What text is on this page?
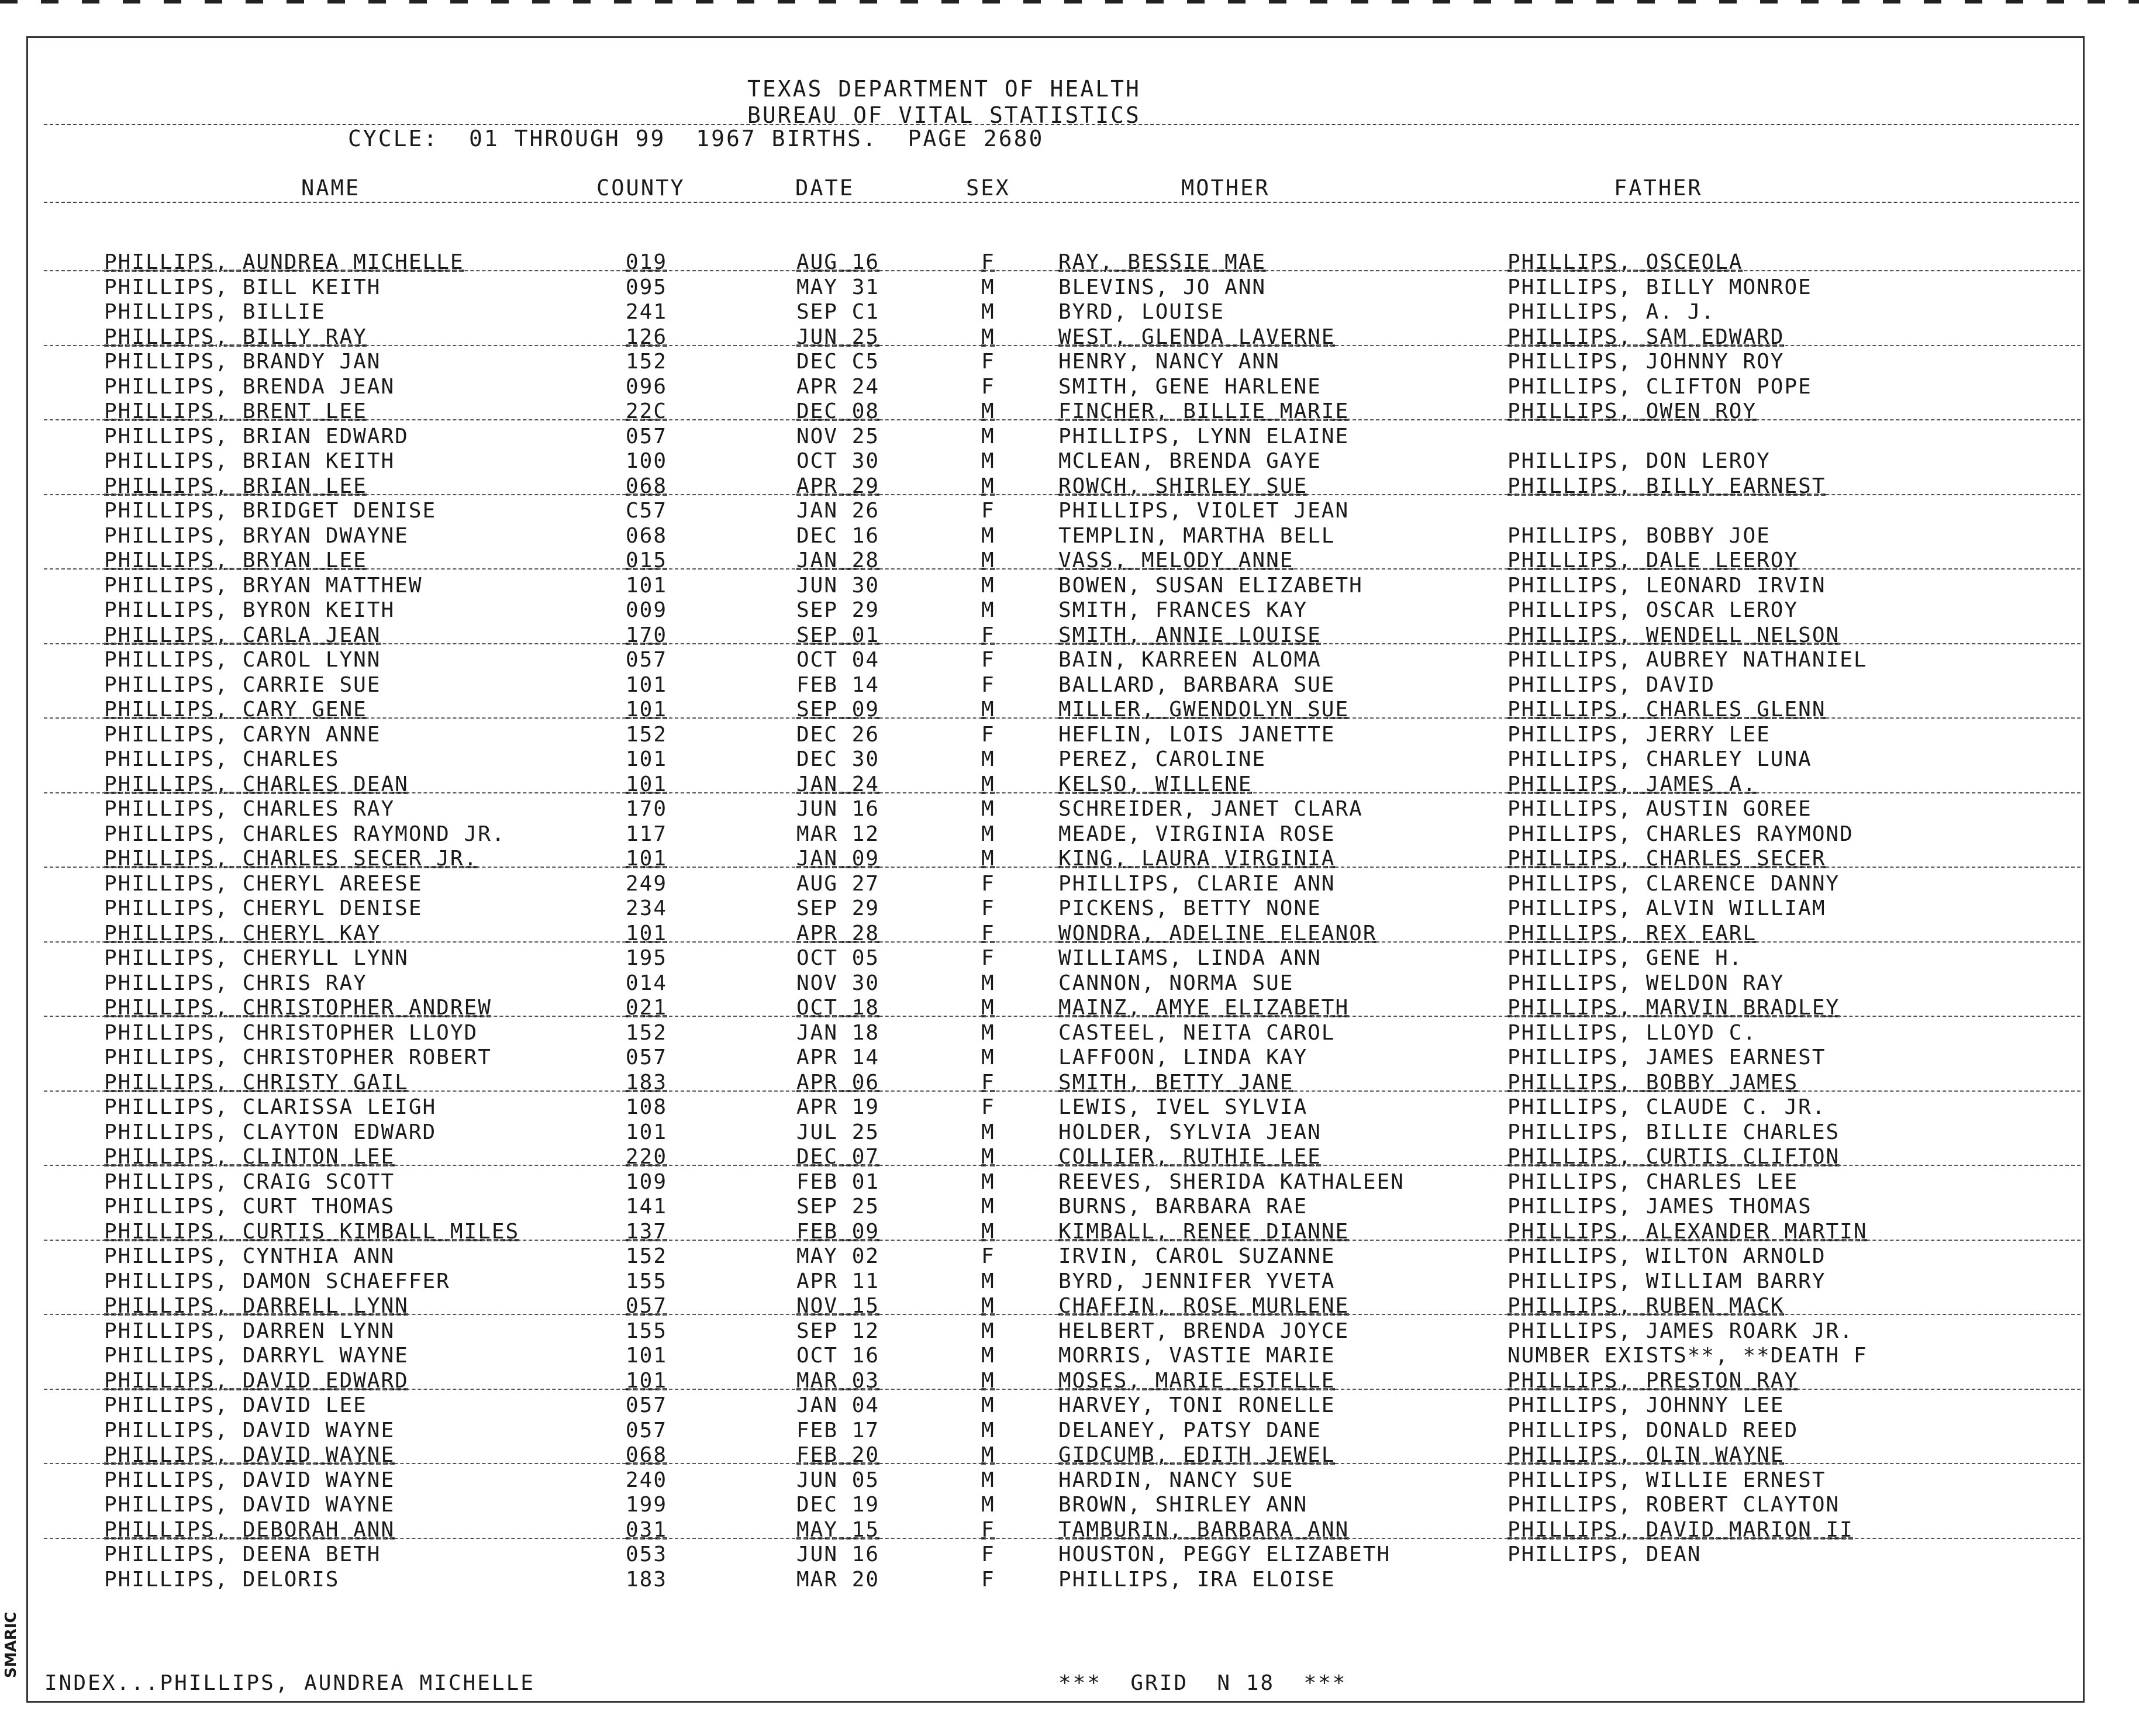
TEXAS DEPARTMENT OF HEALTH
BUREAU OF VITAL STATISTICS
CYCLE:  01 THROUGH 99  1967 BIRTHS.  PAGE 2680
NAME	COUNTY	DATE	SEX	MOTHER	FATHER
PHILLIPS, AUNDREA MICHELLE	019	AUG 16	F	RAY, BESSIE MAE	PHILLIPS, OSCEOLA
PHILLIPS, BILL KEITH	095	MAY 31	M	BLEVINS, JO ANN	PHILLIPS, BILLY MONROE
PHILLIPS, BILLIE	241	SEP C1	M	BYRD, LOUISE	PHILLIPS, A. J.
PHILLIPS, BILLY RAY	126	JUN 25	M	WEST, GLENDA LAVERNE	PHILLIPS, SAM EDWARD
PHILLIPS, BRANDY JAN	152	DEC C5	F	HENRY, NANCY ANN	PHILLIPS, JOHNNY ROY
PHILLIPS, BRENDA JEAN	096	APR 24	F	SMITH, GENE HARLENE	PHILLIPS, CLIFTON POPE
PHILLIPS, BRENT LEE	22C	DEC 08	M	FINCHER, BILLIE MARIE	PHILLIPS, OWEN ROY
PHILLIPS, BRIAN EDWARD	057	NOV 25	M	PHILLIPS, LYNN ELAINE
PHILLIPS, BRIAN KEITH	100	OCT 30	M	MCLEAN, BRENDA GAYE	PHILLIPS, DON LEROY
PHILLIPS, BRIAN LEE	068	APR 29	M	ROWCH, SHIRLEY SUE	PHILLIPS, BILLY EARNEST
PHILLIPS, BRIDGET DENISE	C57	JAN 26	F	PHILLIPS, VIOLET JEAN
PHILLIPS, BRYAN DWAYNE	068	DEC 16	M	TEMPLIN, MARTHA BELL	PHILLIPS, BOBBY JOE
PHILLIPS, BRYAN LEE	015	JAN 28	M	VASS, MELODY ANNE	PHILLIPS, DALE LEEROY
PHILLIPS, BRYAN MATTHEW	101	JUN 30	M	BOWEN, SUSAN ELIZABETH	PHILLIPS, LEONARD IRVIN
PHILLIPS, BYRON KEITH	009	SEP 29	M	SMITH, FRANCES KAY	PHILLIPS, OSCAR LEROY
PHILLIPS, CARLA JEAN	170	SEP 01	F	SMITH, ANNIE LOUISE	PHILLIPS, WENDELL NELSON
PHILLIPS, CAROL LYNN	057	OCT 04	F	BAIN, KARREEN ALOMA	PHILLIPS, AUBREY NATHANIEL
PHILLIPS, CARRIE SUE	101	FEB 14	F	BALLARD, BARBARA SUE	PHILLIPS, DAVID
PHILLIPS, CARY GENE	101	SEP 09	M	MILLER, GWENDOLYN SUE	PHILLIPS, CHARLES GLENN
PHILLIPS, CARYN ANNE	152	DEC 26	F	HEFLIN, LOIS JANETTE	PHILLIPS, JERRY LEE
PHILLIPS, CHARLES	101	DEC 30	M	PEREZ, CAROLINE	PHILLIPS, CHARLEY LUNA
PHILLIPS, CHARLES DEAN	101	JAN 24	M	KELSO, WILLENE	PHILLIPS, JAMES A.
PHILLIPS, CHARLES RAY	170	JUN 16	M	SCHREIDER, JANET CLARA	PHILLIPS, AUSTIN GOREE
PHILLIPS, CHARLES RAYMOND JR.	117	MAR 12	M	MEADE, VIRGINIA ROSE	PHILLIPS, CHARLES RAYMOND
PHILLIPS, CHARLES SECER JR.	101	JAN 09	M	KING, LAURA VIRGINIA	PHILLIPS, CHARLES SECER
PHILLIPS, CHERYL AREESE	249	AUG 27	F	PHILLIPS, CLARIE ANN	PHILLIPS, CLARENCE DANNY
PHILLIPS, CHERYL DENISE	234	SEP 29	F	PICKENS, BETTY NONE	PHILLIPS, ALVIN WILLIAM
PHILLIPS, CHERYL KAY	101	APR 28	F	WONDRA, ADELINE ELEANOR	PHILLIPS, REX EARL
PHILLIPS, CHERYLL LYNN	195	OCT 05	F	WILLIAMS, LINDA ANN	PHILLIPS, GENE H.
PHILLIPS, CHRIS RAY	014	NOV 30	M	CANNON, NORMA SUE	PHILLIPS, WELDON RAY
PHILLIPS, CHRISTOPHER ANDREW	021	OCT 18	M	MAINZ, AMYE ELIZABETH	PHILLIPS, MARVIN BRADLEY
PHILLIPS, CHRISTOPHER LLOYD	152	JAN 18	M	CASTEEL, NEITA CAROL	PHILLIPS, LLOYD C.
PHILLIPS, CHRISTOPHER ROBERT	057	APR 14	M	LAFFOON, LINDA KAY	PHILLIPS, JAMES EARNEST
PHILLIPS, CHRISTY GAIL	183	APR 06	F	SMITH, BETTY JANE	PHILLIPS, BOBBY JAMES
PHILLIPS, CLARISSA LEIGH	108	APR 19	F	LEWIS, IVEL SYLVIA	PHILLIPS, CLAUDE C. JR.
PHILLIPS, CLAYTON EDWARD	101	JUL 25	M	HOLDER, SYLVIA JEAN	PHILLIPS, BILLIE CHARLES
PHILLIPS, CLINTON LEE	220	DEC 07	M	COLLIER, RUTHIE LEE	PHILLIPS, CURTIS CLIFTON
PHILLIPS, CRAIG SCOTT	109	FEB 01	M	REEVES, SHERIDA KATHALEEN	PHILLIPS, CHARLES LEE
PHILLIPS, CURT THOMAS	141	SEP 25	M	BURNS, BARBARA RAE	PHILLIPS, JAMES THOMAS
PHILLIPS, CURTIS KIMBALL MILES	137	FEB 09	M	KIMBALL, RENEE DIANNE	PHILLIPS, ALEXANDER MARTIN
PHILLIPS, CYNTHIA ANN	152	MAY 02	F	IRVIN, CAROL SUZANNE	PHILLIPS, WILTON ARNOLD
PHILLIPS, DAMON SCHAEFFER	155	APR 11	M	BYRD, JENNIFER YVETA	PHILLIPS, WILLIAM BARRY
PHILLIPS, DARRELL LYNN	057	NOV 15	M	CHAFFIN, ROSE MURLENE	PHILLIPS, RUBEN MACK
PHILLIPS, DARREN LYNN	155	SEP 12	M	HELBERT, BRENDA JOYCE	PHILLIPS, JAMES ROARK JR.
PHILLIPS, DARRYL WAYNE	101	OCT 16	M	MORRIS, VASTIE MARIE	NUMBER EXISTS**, **DEATH F
PHILLIPS, DAVID EDWARD	101	MAR 03	M	MOSES, MARIE ESTELLE	PHILLIPS, PRESTON RAY
PHILLIPS, DAVID LEE	057	JAN 04	M	HARVEY, TONI RONELLE	PHILLIPS, JOHNNY LEE
PHILLIPS, DAVID WAYNE	057	FEB 17	M	DELANEY, PATSY DANE	PHILLIPS, DONALD REED
PHILLIPS, DAVID WAYNE	068	FEB 20	M	GIDCUMB, EDITH JEWEL	PHILLIPS, OLIN WAYNE
PHILLIPS, DAVID WAYNE	240	JUN 05	M	HARDIN, NANCY SUE	PHILLIPS, WILLIE ERNEST
PHILLIPS, DAVID WAYNE	199	DEC 19	M	BROWN, SHIRLEY ANN	PHILLIPS, ROBERT CLAYTON
PHILLIPS, DEBORAH ANN	031	MAY 15	F	TAMBURIN, BARBARA ANN	PHILLIPS, DAVID MARION II
PHILLIPS, DEENA BETH	053	JUN 16	F	HOUSTON, PEGGY ELIZABETH	PHILLIPS, DEAN
PHILLIPS, DELORIS	183	MAR 20	F	PHILLIPS, IRA ELOISE
INDEX...PHILLIPS, AUNDREA MICHELLE	***  GRID  N 18  ***
SMARIC
